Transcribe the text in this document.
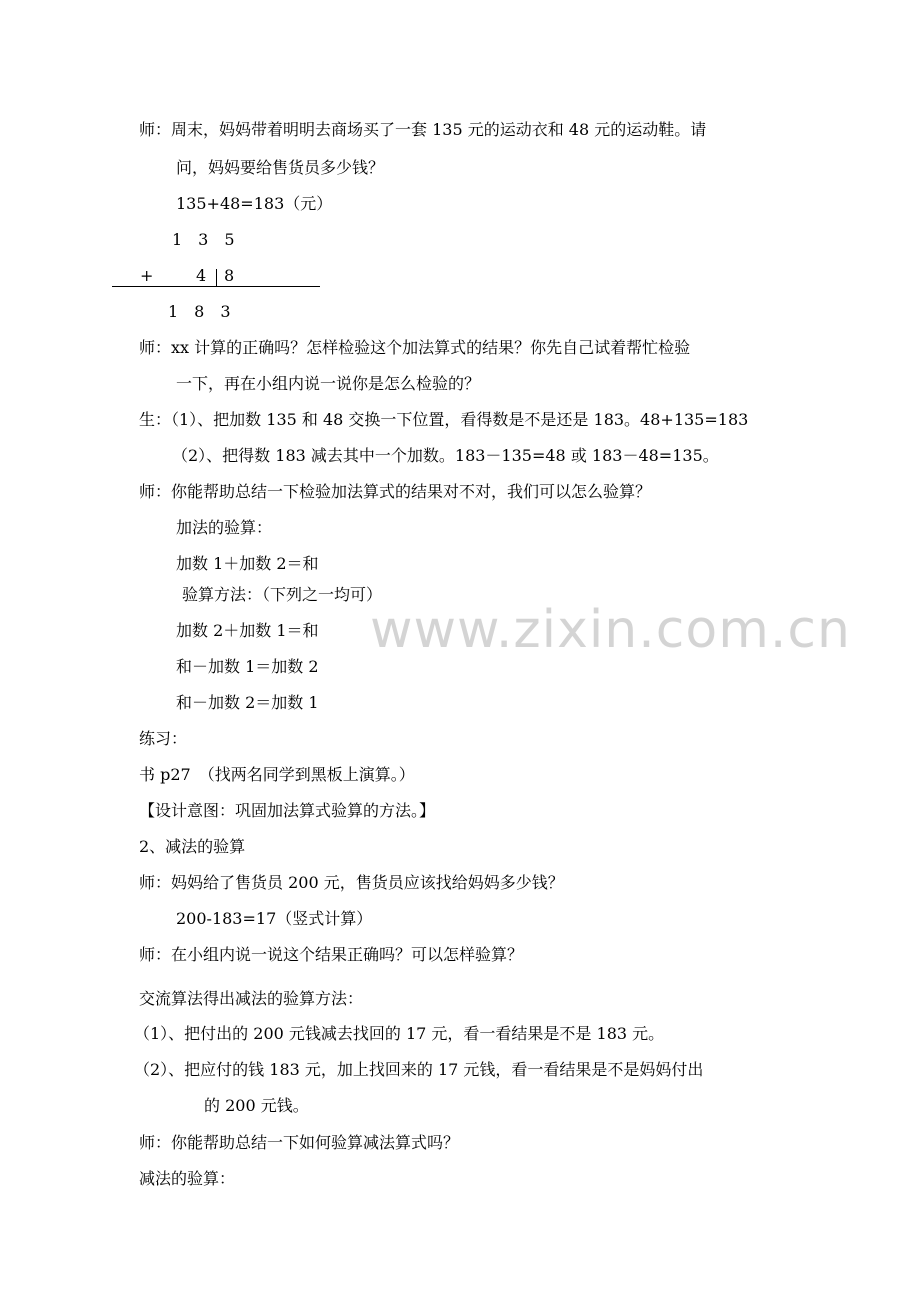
师：周末，妈妈带着明明去商场买了一套 135 元的运动衣和 48 元的运动鞋。请
问，妈妈要给售货员多少钱？
135+48=183（元）
1　3　5
+	4 8
1　8　3
师：xx 计算的正确吗？怎样检验这个加法算式的结果？你先自己试着帮忙检验
一下，再在小组内说一说你是怎么检验的？
生：（1）、把加数 135 和 48 交换一下位置，看得数是不是还是 183。48+135=183
（2）、把得数 183 减去其中一个加数。183－135=48 或 183－48=135。
师：你能帮助总结一下检验加法算式的结果对不对，我们可以怎么验算？
加法的验算：
加数 1＋加数 2＝和
验算方法：（下列之一均可）
加数 2＋加数 1＝和
和－加数 1＝加数 2
和－加数 2＝加数 1
练习：
书 p27　（找两名同学到黑板上演算。）
【设计意图：巩固加法算式验算的方法。】
2、减法的验算
师：妈妈给了售货员 200 元，售货员应该找给妈妈多少钱？
200-183=17（竖式计算）
师：在小组内说一说这个结果正确吗？可以怎样验算？
交流算法得出减法的验算方法：
（1）、把付出的 200 元钱减去找回的 17 元，看一看结果是不是 183 元。
（2）、把应付的钱 183 元，加上找回来的 17 元钱，看一看结果是不是妈妈付出
的 200 元钱。
师：你能帮助总结一下如何验算减法算式吗？
减法的验算：
www.zixin.com.cn
